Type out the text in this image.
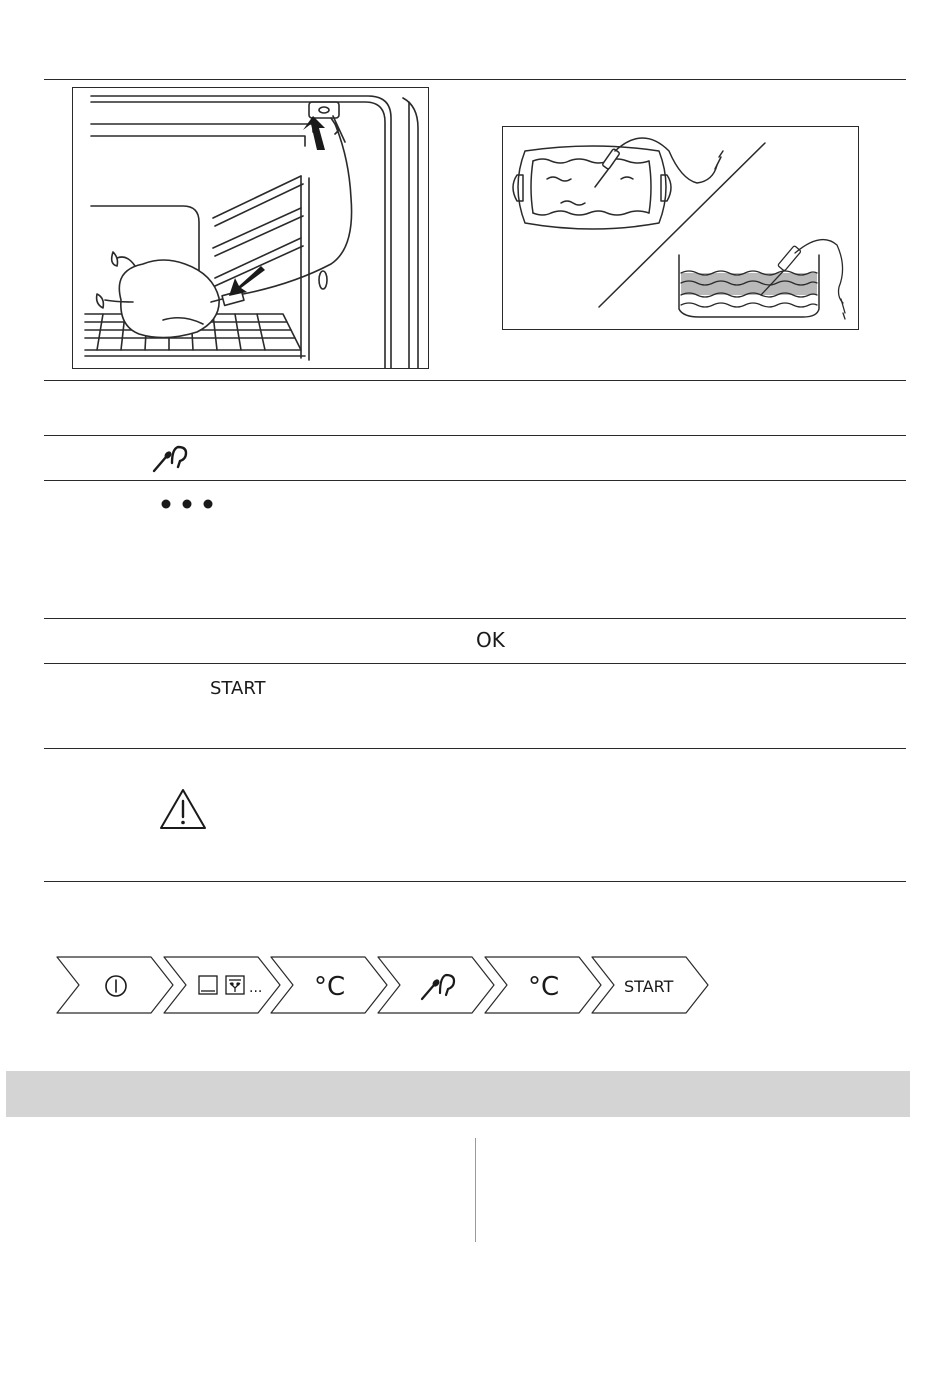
OK
START
... °C	°C	START
